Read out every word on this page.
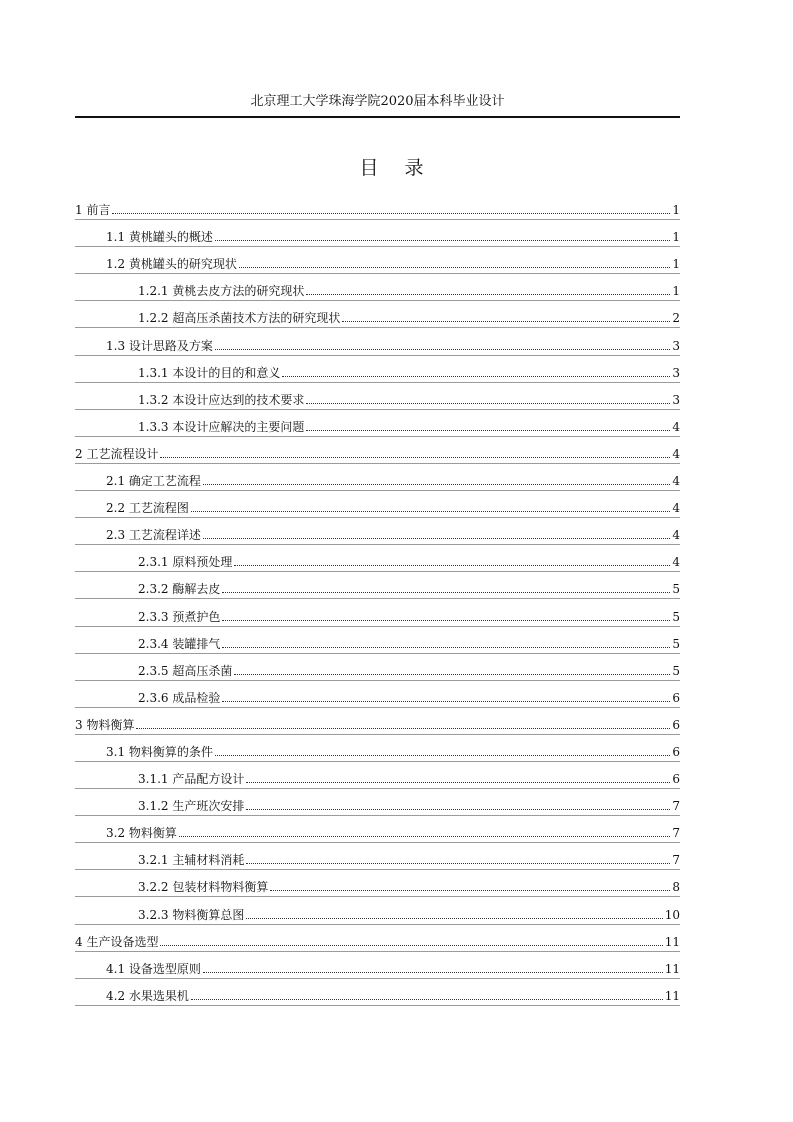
北京理工大学珠海学院2020届本科毕业设计
目 录
1 前言	1
1.1 黄桃罐头的概述	1
1.2 黄桃罐头的研究现状	1
1.2.1 黄桃去皮方法的研究现状	1
1.2.2 超高压杀菌技术方法的研究现状	2
1.3 设计思路及方案	3
1.3.1 本设计的目的和意义	3
1.3.2 本设计应达到的技术要求	3
1.3.3 本设计应解决的主要问题	4
2 工艺流程设计	4
2.1 确定工艺流程	4
2.2 工艺流程图	4
2.3 工艺流程详述	4
2.3.1 原料预处理	4
2.3.2 酶解去皮	5
2.3.3 预煮护色	5
2.3.4 装罐排气	5
2.3.5 超高压杀菌	5
2.3.6 成品检验	6
3 物料衡算	6
3.1 物料衡算的条件	6
3.1.1 产品配方设计	6
3.1.2 生产班次安排	7
3.2 物料衡算	7
3.2.1 主辅材料消耗	7
3.2.2 包装材料物料衡算	8
3.2.3 物料衡算总图	10
4 生产设备选型	11
4.1 设备选型原则	11
4.2 水果选果机	11
